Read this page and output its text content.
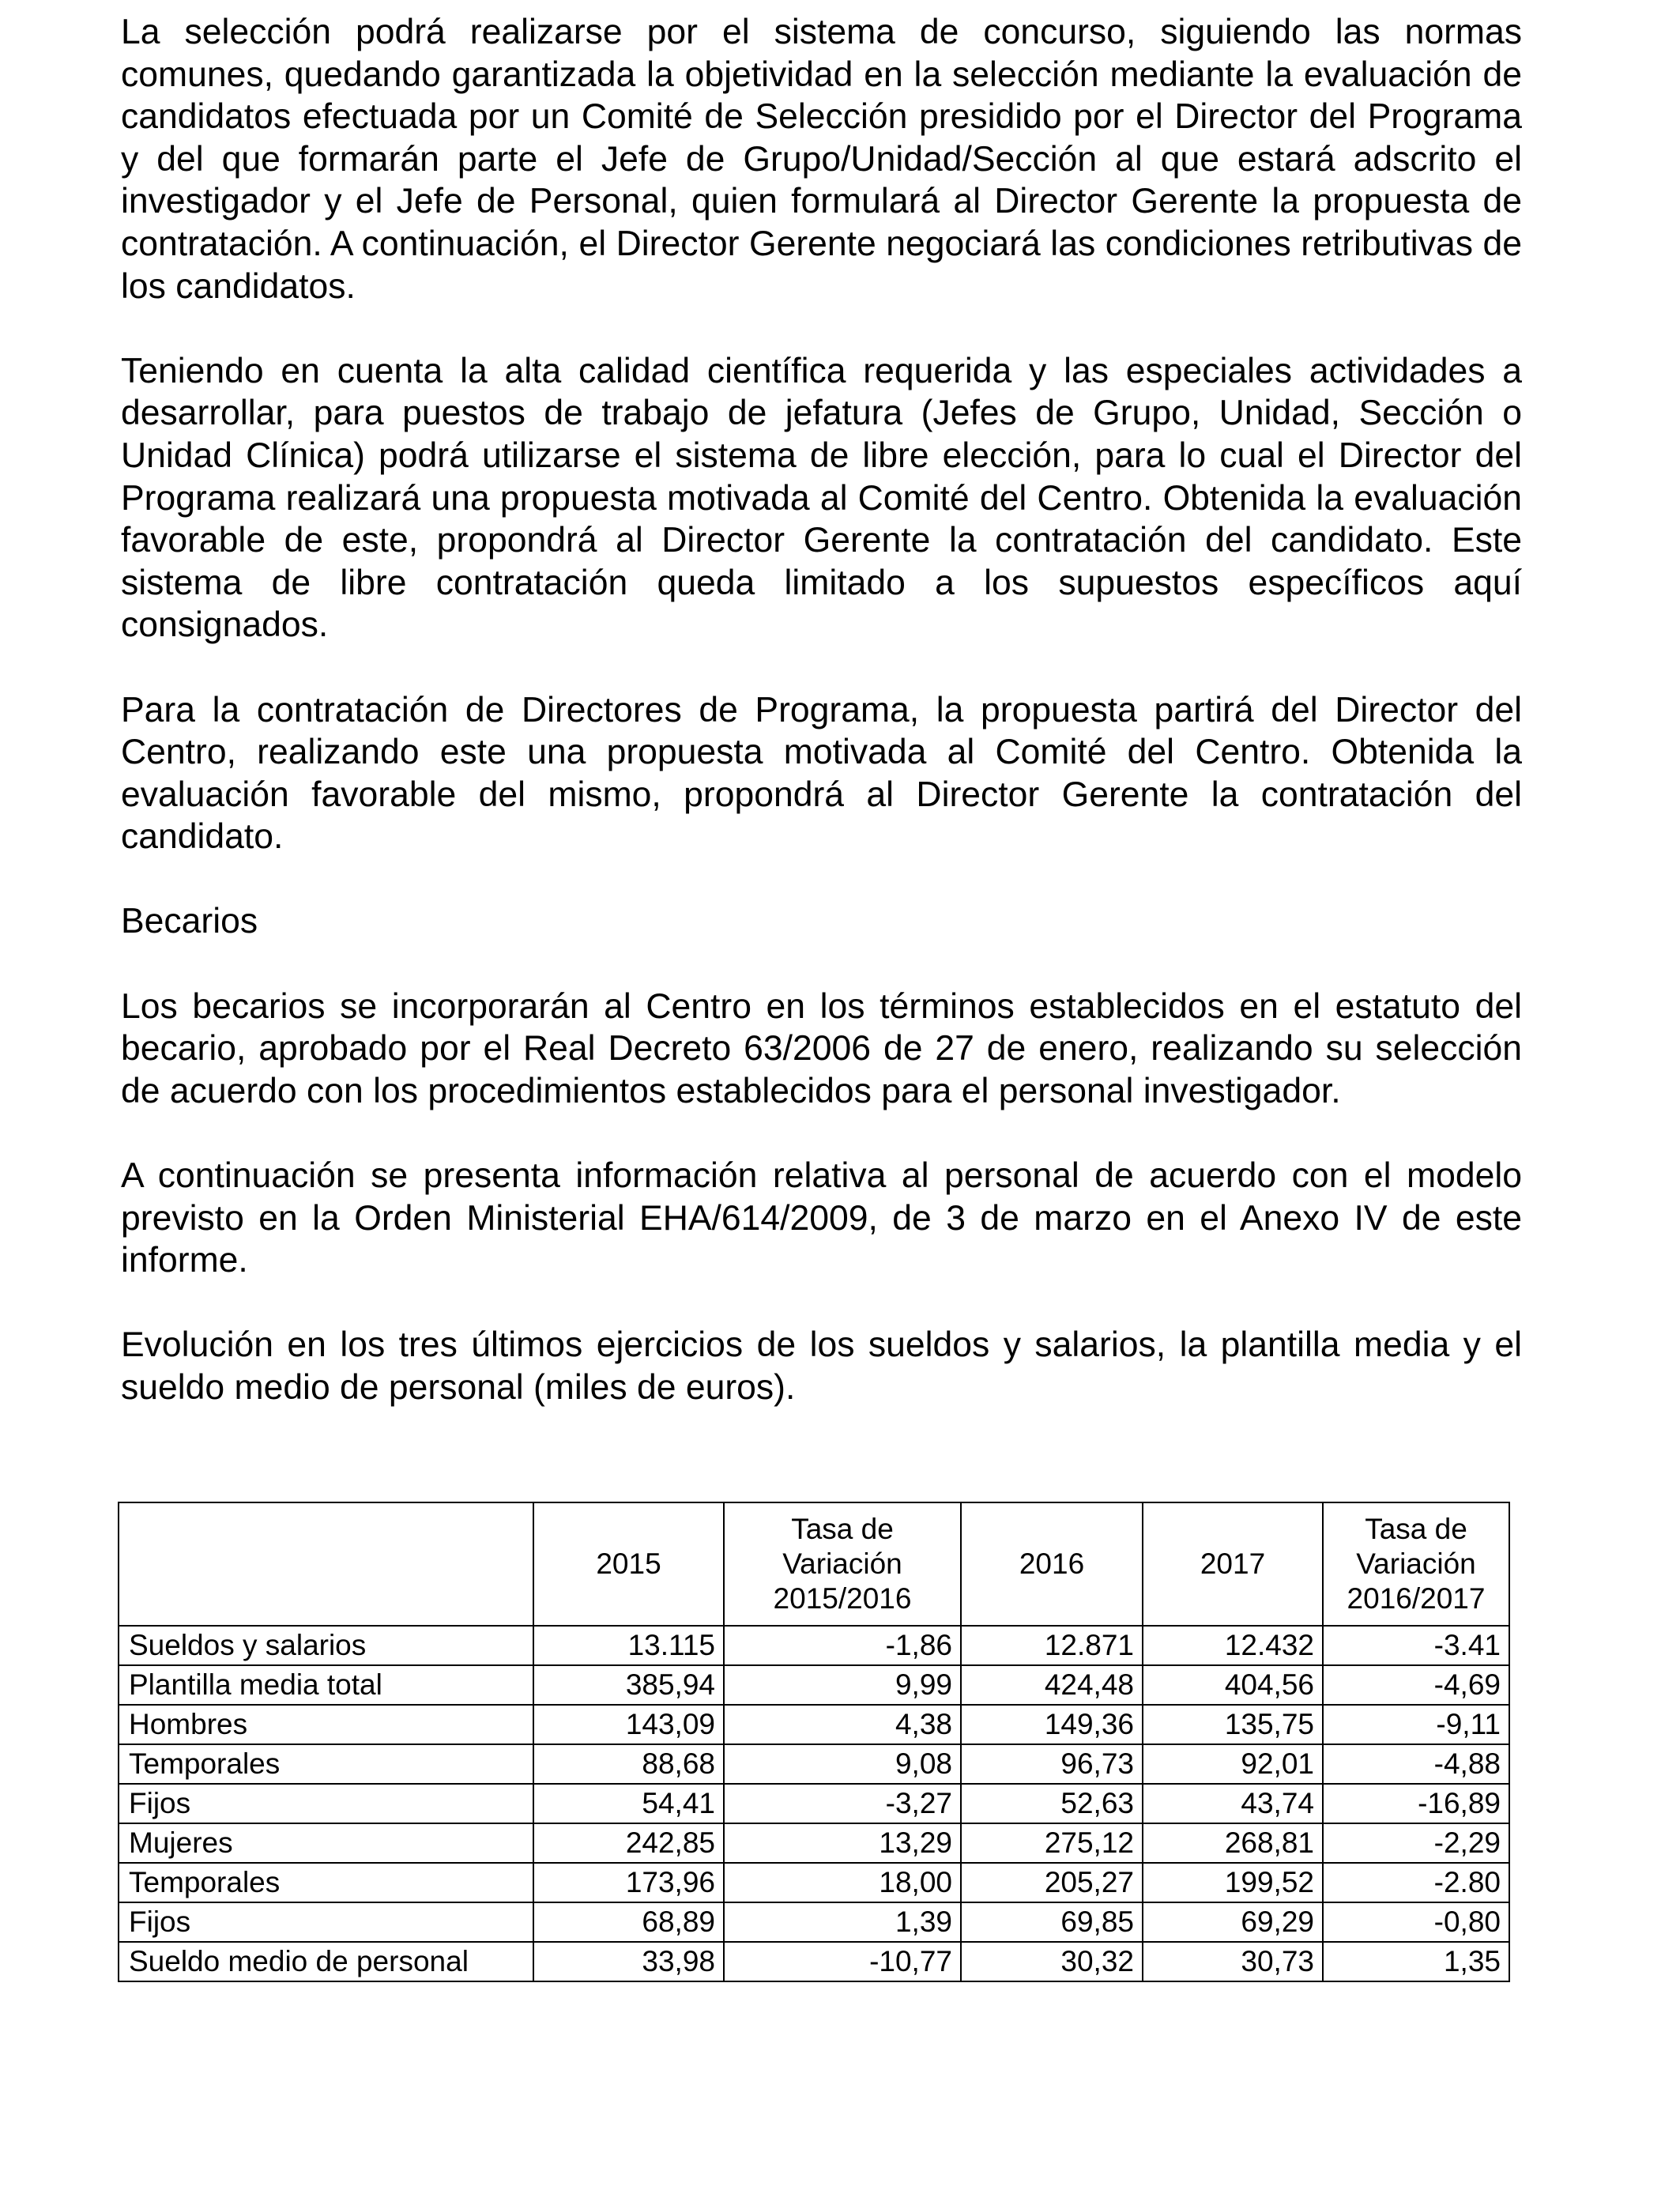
La selección podrá realizarse por el sistema de concurso, siguiendo las normas comunes, quedando garantizada la objetividad en la selección mediante la evaluación de candidatos efectuada por un Comité de Selección presidido por el Director del Programa y del que formarán parte el Jefe de Grupo/Unidad/Sección al que estará adscrito el investigador y el Jefe de Personal, quien formulará al Director Gerente la propuesta de contratación. A continuación, el Director Gerente negociará las condiciones retributivas de los candidatos.

Teniendo en cuenta la alta calidad científica requerida y las especiales actividades a desarrollar, para puestos de trabajo de jefatura (Jefes de Grupo, Unidad, Sección o Unidad Clínica) podrá utilizarse el sistema de libre elección, para lo cual el Director del Programa realizará una propuesta motivada al Comité del Centro. Obtenida la evaluación favorable de este, propondrá al Director Gerente la contratación del candidato. Este sistema de libre contratación queda limitado a los supuestos específicos aquí consignados.

Para la contratación de Directores de Programa, la propuesta partirá del Director del Centro, realizando este una propuesta motivada al Comité del Centro. Obtenida la evaluación favorable del mismo, propondrá al Director Gerente la contratación del candidato.

Becarios

Los becarios se incorporarán al Centro en los términos establecidos en el estatuto del becario, aprobado por el Real Decreto 63/2006 de 27 de enero, realizando su selección de acuerdo con los procedimientos establecidos para el personal investigador.

A continuación se presenta información relativa al personal de acuerdo con el modelo previsto en la Orden Ministerial EHA/614/2009, de 3 de marzo en el Anexo IV de este informe.

Evolución en los tres últimos ejercicios de los sueldos y salarios, la plantilla media y el sueldo medio de personal (miles de euros).

	2015	Tasa de Variación 2015/2016	2016	2017	Tasa de Variación 2016/2017
Sueldos y salarios	13.115	-1,86	12.871	12.432	-3.41
Plantilla media total	385,94	9,99	424,48	404,56	-4,69
Hombres	143,09	4,38	149,36	135,75	-9,11
Temporales	88,68	9,08	96,73	92,01	-4,88
Fijos	54,41	-3,27	52,63	43,74	-16,89
Mujeres	242,85	13,29	275,12	268,81	-2,29
Temporales	173,96	18,00	205,27	199,52	-2.80
Fijos	68,89	1,39	69,85	69,29	-0,80
Sueldo medio de personal	33,98	-10,77	30,32	30,73	1,35
